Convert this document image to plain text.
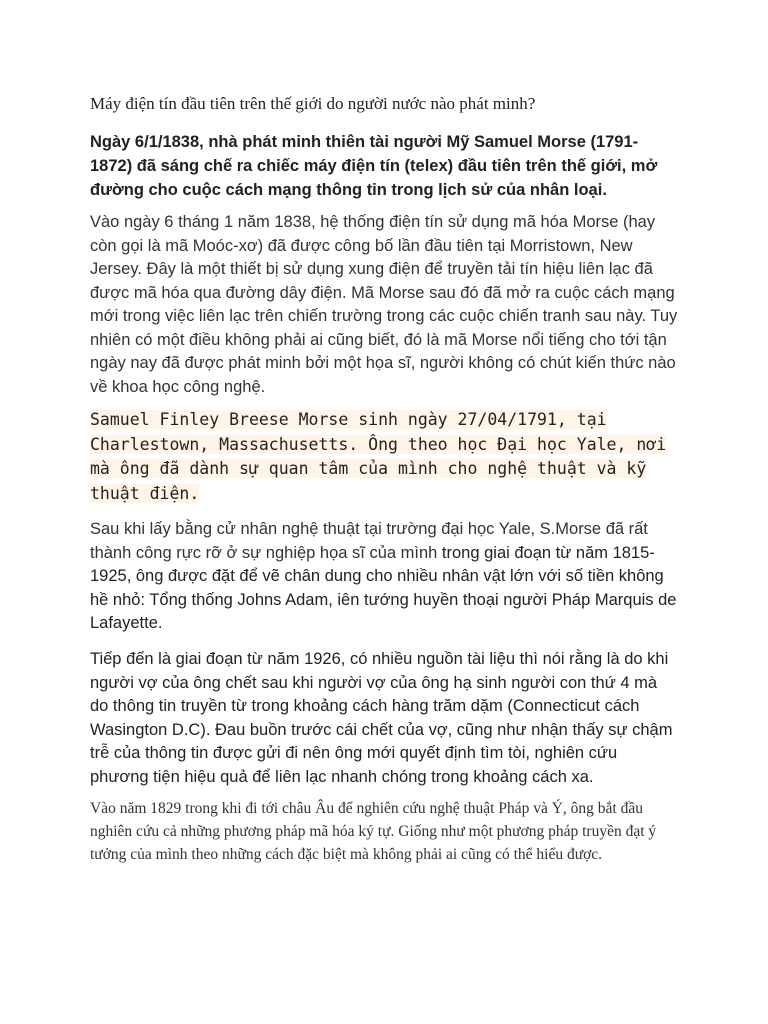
Máy điện tín đầu tiên trên thế giới do người nước nào phát minh?

Ngày 6/1/1838, nhà phát minh thiên tài người Mỹ Samuel Morse (1791-1872) đã sáng chế ra chiếc máy điện tín (telex) đầu tiên trên thế giới, mở đường cho cuộc cách mạng thông tin trong lịch sử của nhân loại.

Vào ngày 6 tháng 1 năm 1838, hệ thống điện tín sử dụng mã hóa Morse (hay còn gọi là mã Moóc-xơ) đã được công bố lần đầu tiên tại Morristown, New Jersey. Đây là một thiết bị sử dụng xung điện để truyền tải tín hiệu liên lạc đã được mã hóa qua đường dây điện. Mã Morse sau đó đã mở ra cuộc cách mạng mới trong việc liên lạc trên chiến trường trong các cuộc chiến tranh sau này. Tuy nhiên có một điều không phải ai cũng biết, đó là mã Morse nổi tiếng cho tới tận ngày nay đã được phát minh bởi một họa sĩ, người không có chút kiến thức nào về khoa học công nghệ.

Samuel Finley Breese Morse sinh ngày 27/04/1791, tại Charlestown, Massachusetts. Ông theo học Đại học Yale, nơi mà ông đã dành sự quan tâm của mình cho nghệ thuật và kỹ thuật điện.

Sau khi lấy bằng cử nhân nghệ thuật tại trường đại học Yale, S.Morse đã rất thành công rực rỡ ở sự nghiệp họa sĩ của mình trong giai đoạn từ năm 1815-1925, ông được đặt để vẽ chân dung cho nhiều nhân vật lớn với số tiền không hề nhỏ: Tổng thống Johns Adam, iên tướng huyền thoại người Pháp Marquis de Lafayette.

Tiếp đến là giai đoạn từ năm 1926, có nhiều nguồn tài liệu thì nói rằng là do khi người vợ của ông chết sau khi người vợ của ông hạ sinh người con thứ 4 mà do thông tin truyền từ trong khoảng cách hàng trăm dặm (Connecticut cách Wasington D.C). Đau buồn trước cái chết của vợ, cũng như nhận thấy sự chậm trễ của thông tin được gửi đi nên ông mới quyết định tìm tòi, nghiên cứu phương tiện hiệu quả để liên lạc nhanh chóng trong khoảng cách xa.

Vào năm 1829 trong khi đi tới châu Âu để nghiên cứu nghệ thuật Pháp và Ý, ông bắt đầu nghiên cứu cả những phương pháp mã hóa ký tự. Giống như một phương pháp truyền đạt ý tưởng của mình theo những cách đặc biệt mà không phải ai cũng có thể hiểu được.
